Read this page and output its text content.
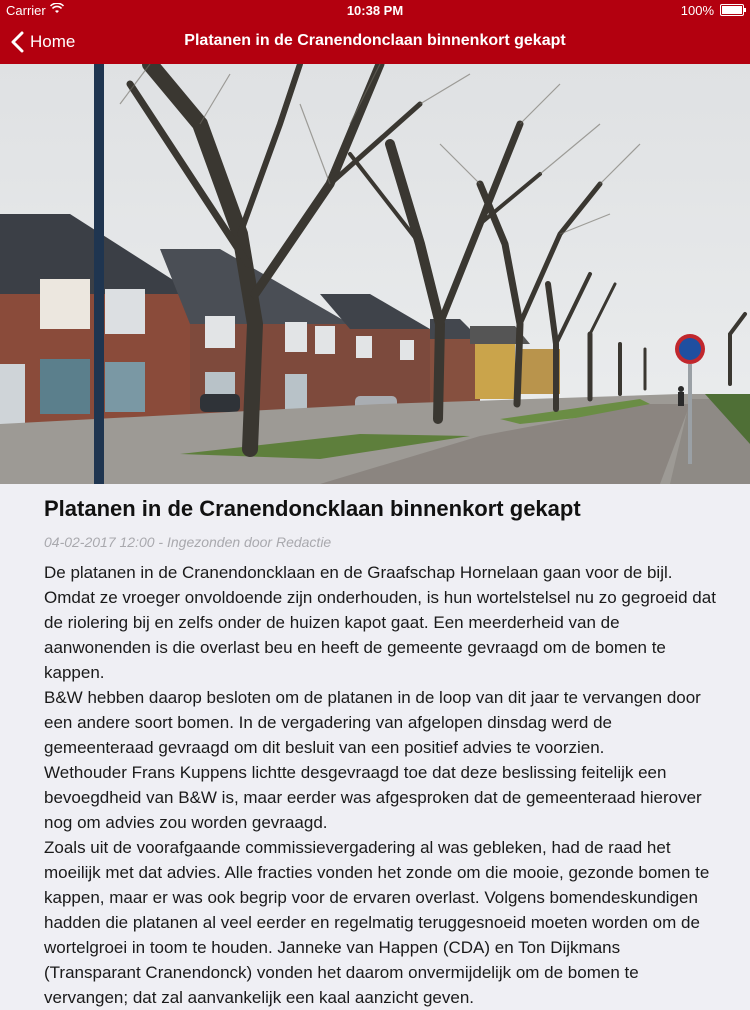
Carrier	10:38 PM	100%
Home	Platanen in de Cranendonclaan binnenkort gekapt
Platanen in de Cranendoncklaan binnenkort gekapt
04-02-2017 12:00 - Ingezonden door Redactie

De platanen in de Cranendoncklaan en de Graafschap Hornelaan gaan voor de bijl. Omdat ze vroeger onvoldoende zijn onderhouden, is hun wortelstelsel nu zo gegroeid dat de riolering bij en zelfs onder de huizen kapot gaat. Een meerderheid van de aanwonenden is die overlast beu en heeft de gemeente gevraagd om de bomen te kappen.

B&W hebben daarop besloten om de platanen in de loop van dit jaar te vervangen door een andere soort bomen. In de vergadering van afgelopen dinsdag werd de gemeenteraad gevraagd om dit besluit van een positief advies te voorzien.

Wethouder Frans Kuppens lichtte desgevraagd toe dat deze beslissing feitelijk een bevoegdheid van B&W is, maar eerder was afgesproken dat de gemeenteraad hierover nog om advies zou worden gevraagd.

Zoals uit de voorafgaande commissievergadering al was gebleken, had de raad het moeilijk met dat advies. Alle fracties vonden het zonde om die mooie, gezonde bomen te kappen, maar er was ook begrip voor de ervaren overlast. Volgens bomendeskundigen hadden die platanen al veel eerder en regelmatig teruggesnoeid moeten worden om de wortelgroei in toom te houden. Janneke van Happen (CDA) en Ton Dijkmans (Transparant Cranendonck) vonden het daarom onvermijdelijk om de bomen te vervangen; dat zal aanvankelijk een kaal aanzicht geven.
